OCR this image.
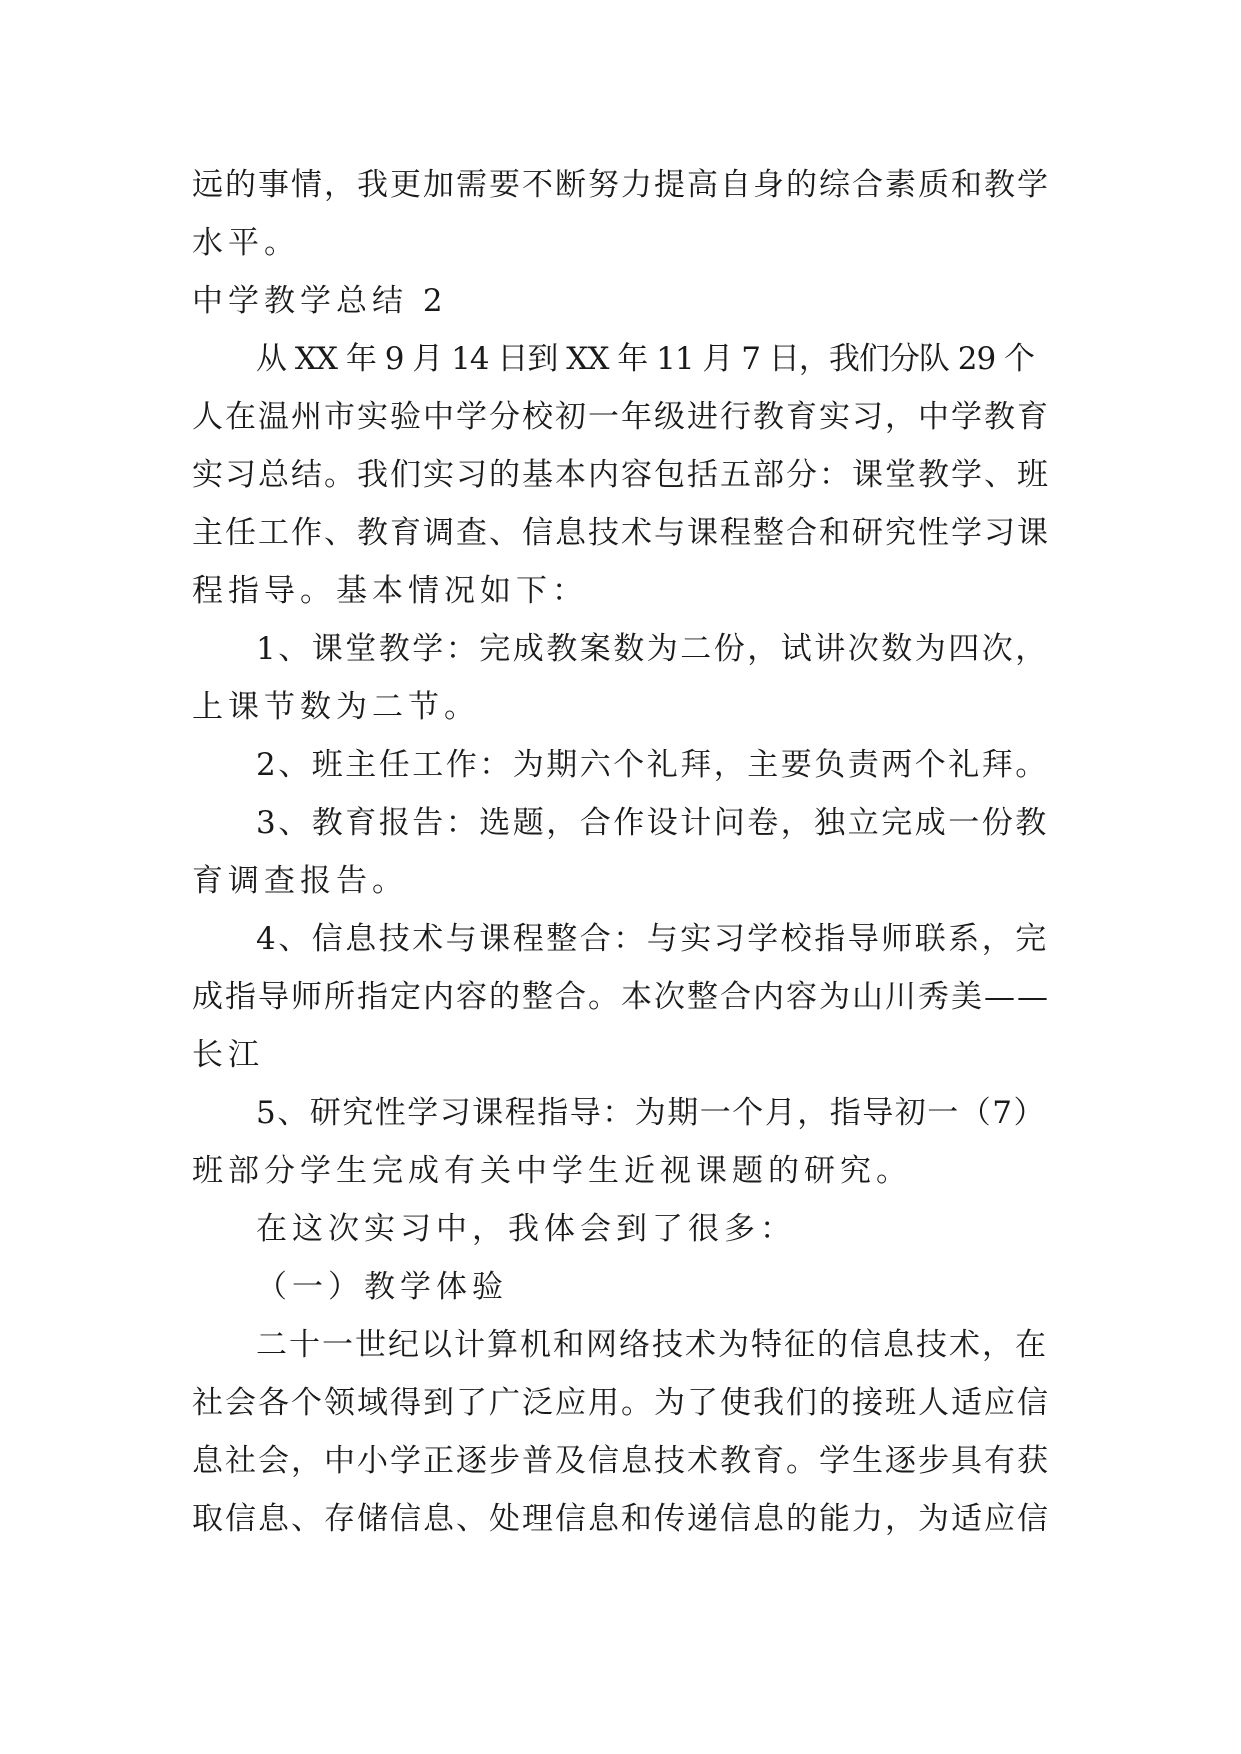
远的事情，我更加需要不断努力提高自身的综合素质和教学
水平。
中学教学总结 2
从 XX 年 9 月 14 日到 XX 年 11 月 7 日，我们分队 29 个
人在温州市实验中学分校初一年级进行教育实习，中学教育
实习总结。我们实习的基本内容包括五部分：课堂教学、班
主任工作、教育调查、信息技术与课程整合和研究性学习课
程指导。基本情况如下：
1、课堂教学：完成教案数为二份，试讲次数为四次，
上课节数为二节。
2、班主任工作：为期六个礼拜，主要负责两个礼拜。
3、教育报告：选题，合作设计问卷，独立完成一份教
育调查报告。
4、信息技术与课程整合：与实习学校指导师联系，完
成指导师所指定内容的整合。本次整合内容为山川秀美——
长江
5、研究性学习课程指导：为期一个月，指导初一（7）
班部分学生完成有关中学生近视课题的研究。
在这次实习中，我体会到了很多：
（一）教学体验
二十一世纪以计算机和网络技术为特征的信息技术，在
社会各个领域得到了广泛应用。为了使我们的接班人适应信
息社会，中小学正逐步普及信息技术教育。学生逐步具有获
取信息、存储信息、处理信息和传递信息的能力，为适应信
